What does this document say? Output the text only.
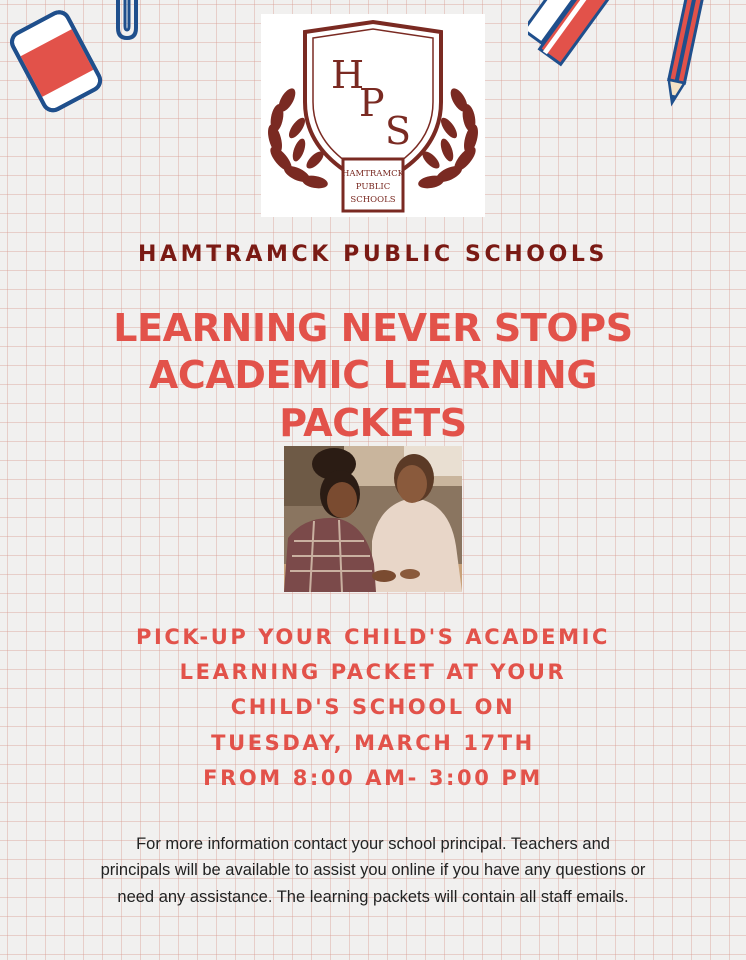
H
P
S
HAMTRAMCK
PUBLIC
SCHOOLS
HAMTRAMCK PUBLIC SCHOOLS
LEARNING NEVER STOPS
ACADEMIC LEARNING
PACKETS
PICK-UP YOUR CHILD'S ACADEMIC
LEARNING PACKET AT YOUR
CHILD'S SCHOOL ON
TUESDAY, MARCH 17TH
FROM 8:00 AM- 3:00 PM
For more information contact your school principal. Teachers and
principals will be available to assist you online if you have any questions or
need any assistance. The learning packets will contain all staff emails.
